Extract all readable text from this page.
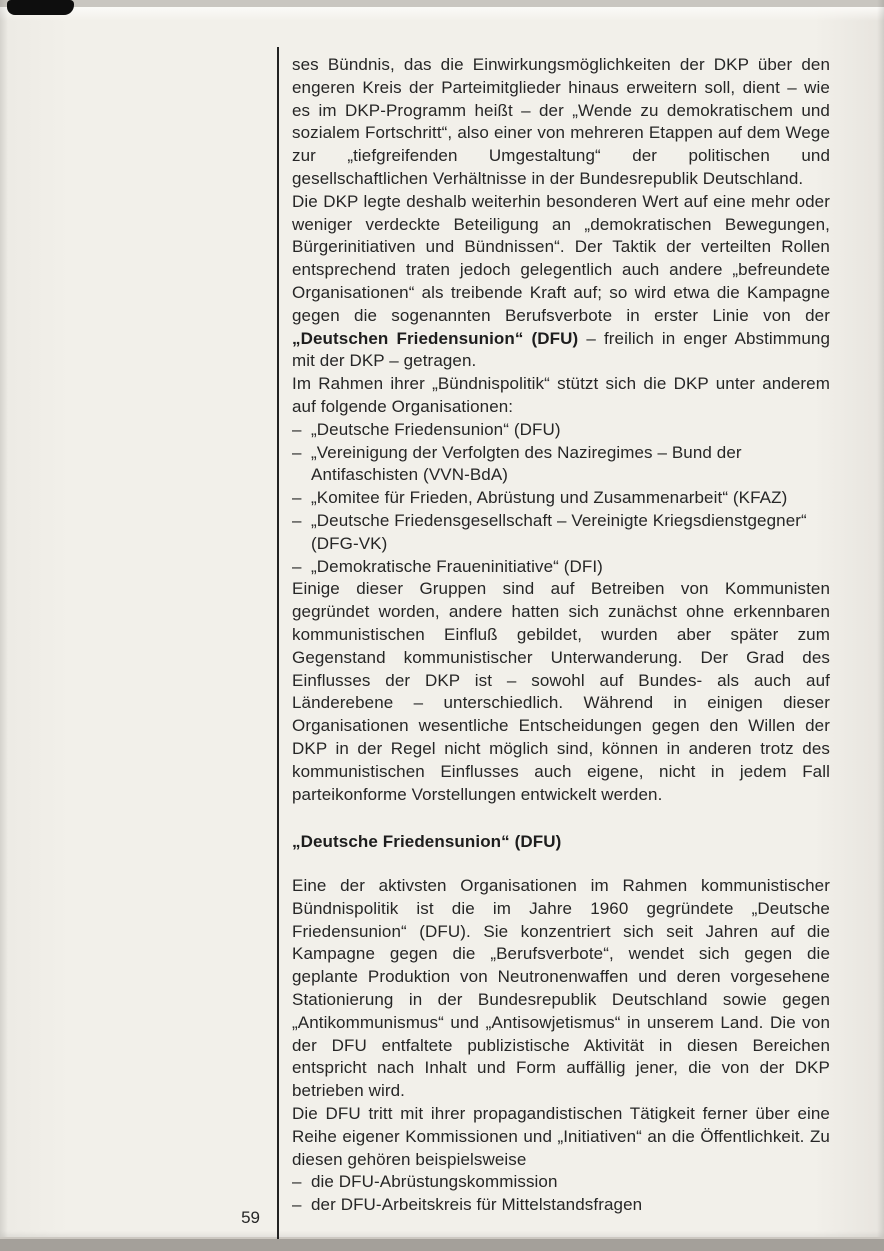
59

ses Bündnis, das die Einwirkungsmöglichkeiten der DKP über den engeren Kreis der Parteimitglieder hinaus erweitern soll, dient – wie es im DKP-Programm heißt – der „Wende zu demokratischem und sozialem Fortschritt“, also einer von mehreren Etappen auf dem Wege zur „tiefgreifenden Umgestaltung“ der politischen und gesellschaftlichen Verhältnisse in der Bundesrepublik Deutschland.

Die DKP legte deshalb weiterhin besonderen Wert auf eine mehr oder weniger verdeckte Beteiligung an „demokratischen Bewegungen, Bürgerinitiativen und Bündnissen“. Der Taktik der verteilten Rollen entsprechend traten jedoch gelegentlich auch andere „befreundete Organisationen“ als treibende Kraft auf; so wird etwa die Kampagne gegen die sogenannten Berufsverbote in erster Linie von der „Deutschen Friedensunion“ (DFU) – freilich in enger Abstimmung mit der DKP – getragen.

Im Rahmen ihrer „Bündnispolitik“ stützt sich die DKP unter anderem auf folgende Organisationen:

– „Deutsche Friedensunion“ (DFU)
– „Vereinigung der Verfolgten des Naziregimes – Bund der Antifaschisten (VVN-BdA)
– „Komitee für Frieden, Abrüstung und Zusammenarbeit“ (KFAZ)
– „Deutsche Friedensgesellschaft – Vereinigte Kriegsdienstgegner“ (DFG-VK)
– „Demokratische Fraueninitiative“ (DFI)

Einige dieser Gruppen sind auf Betreiben von Kommunisten gegründet worden, andere hatten sich zunächst ohne erkennbaren kommunistischen Einfluß gebildet, wurden aber später zum Gegenstand kommunistischer Unterwanderung. Der Grad des Einflusses der DKP ist – sowohl auf Bundes- als auch auf Länderebene – unterschiedlich. Während in einigen dieser Organisationen wesentliche Entscheidungen gegen den Willen der DKP in der Regel nicht möglich sind, können in anderen trotz des kommunistischen Einflusses auch eigene, nicht in jedem Fall parteikonforme Vorstellungen entwickelt werden.

„Deutsche Friedensunion“ (DFU)

Eine der aktivsten Organisationen im Rahmen kommunistischer Bündnispolitik ist die im Jahre 1960 gegründete „Deutsche Friedensunion“ (DFU). Sie konzentriert sich seit Jahren auf die Kampagne gegen die „Berufsverbote“, wendet sich gegen die geplante Produktion von Neutronenwaffen und deren vorgesehene Stationierung in der Bundesrepublik Deutschland sowie gegen „Antikommunismus“ und „Antisowjetismus“ in unserem Land. Die von der DFU entfaltete publizistische Aktivität in diesen Bereichen entspricht nach Inhalt und Form auffällig jener, die von der DKP betrieben wird.

Die DFU tritt mit ihrer propagandistischen Tätigkeit ferner über eine Reihe eigener Kommissionen und „Initiativen“ an die Öffentlichkeit. Zu diesen gehören beispielsweise

– die DFU-Abrüstungskommission
– der DFU-Arbeitskreis für Mittelstandsfragen
